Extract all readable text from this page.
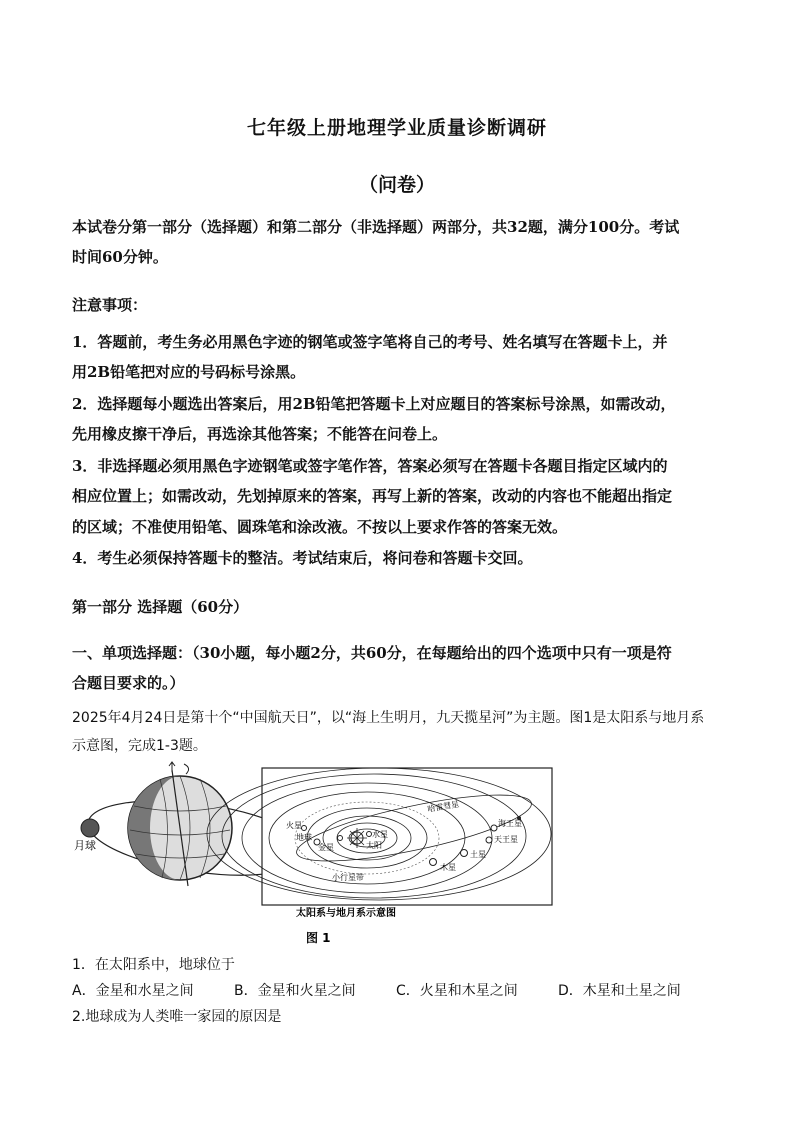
七年级上册地理学业质量诊断调研
（问卷）
本试卷分第一部分（选择题）和第二部分（非选择题）两部分，共32题，满分100分。考试
时间60分钟。
注意事项：
1．答题前，考生务必用黑色字迹的钢笔或签字笔将自己的考号、姓名填写在答题卡上，并
用2B铅笔把对应的号码标号涂黑。
2．选择题每小题选出答案后，用2B铅笔把答题卡上对应题目的答案标号涂黑，如需改动，
先用橡皮擦干净后，再选涂其他答案；不能答在问卷上。
3．非选择题必须用黑色字迹钢笔或签字笔作答，答案必须写在答题卡各题目指定区域内的
相应位置上；如需改动，先划掉原来的答案，再写上新的答案，改动的内容也不能超出指定
的区域；不准使用铅笔、圆珠笔和涂改液。不按以上要求作答的答案无效。
4．考生必须保持答题卡的整洁。考试结束后，将问卷和答题卡交回。
第一部分 选择题（60分）
一、单项选择题：（30小题，每小题2分，共60分，在每题给出的四个选项中只有一项是符
合题目要求的。）
2025年4月24日是第十个“中国航天日”，以“海上生明月，九天揽星河”为主题。图1是太阳系与地月系
示意图，完成1-3题。
月球	太阳
水星
金星
地球
火星
木星
土星
天王星
海王星
哈雷彗星
小行星带
太阳系与地月系示意图
图 1
1．在太阳系中，地球位于
A．金星和水星之间	B．金星和火星之间	C．火星和木星之间	D．木星和土星之间
2.地球成为人类唯一家园的原因是
